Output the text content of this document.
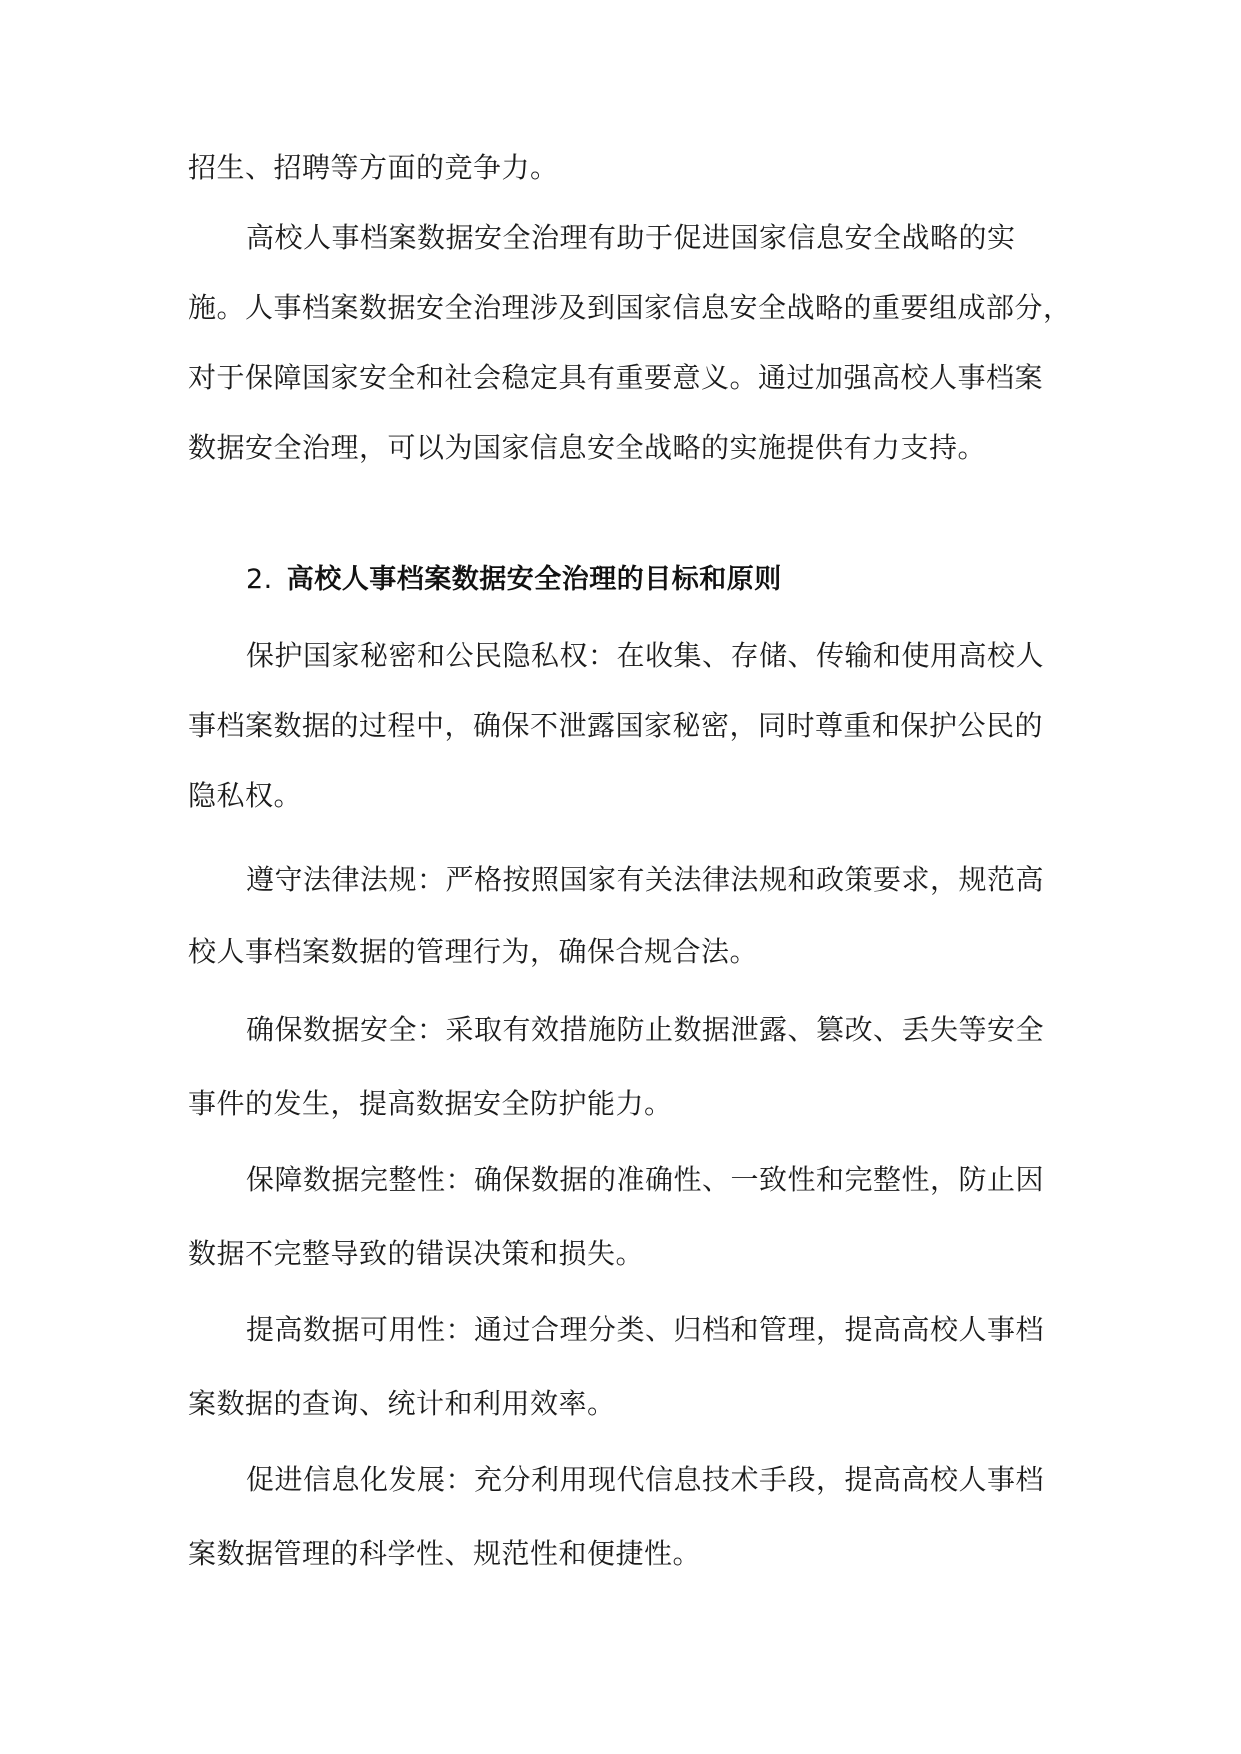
招生、招聘等方面的竞争力。
高校人事档案数据安全治理有助于促进国家信息安全战略的实
施。人事档案数据安全治理涉及到国家信息安全战略的重要组成部分，
对于保障国家安全和社会稳定具有重要意义。通过加强高校人事档案
数据安全治理，可以为国家信息安全战略的实施提供有力支持。
2. 高校人事档案数据安全治理的目标和原则
保护国家秘密和公民隐私权：在收集、存储、传输和使用高校人
事档案数据的过程中，确保不泄露国家秘密，同时尊重和保护公民的
隐私权。
遵守法律法规：严格按照国家有关法律法规和政策要求，规范高
校人事档案数据的管理行为，确保合规合法。
确保数据安全：采取有效措施防止数据泄露、篡改、丢失等安全
事件的发生，提高数据安全防护能力。
保障数据完整性：确保数据的准确性、一致性和完整性，防止因
数据不完整导致的错误决策和损失。
提高数据可用性：通过合理分类、归档和管理，提高高校人事档
案数据的查询、统计和利用效率。
促进信息化发展：充分利用现代信息技术手段，提高高校人事档
案数据管理的科学性、规范性和便捷性。
